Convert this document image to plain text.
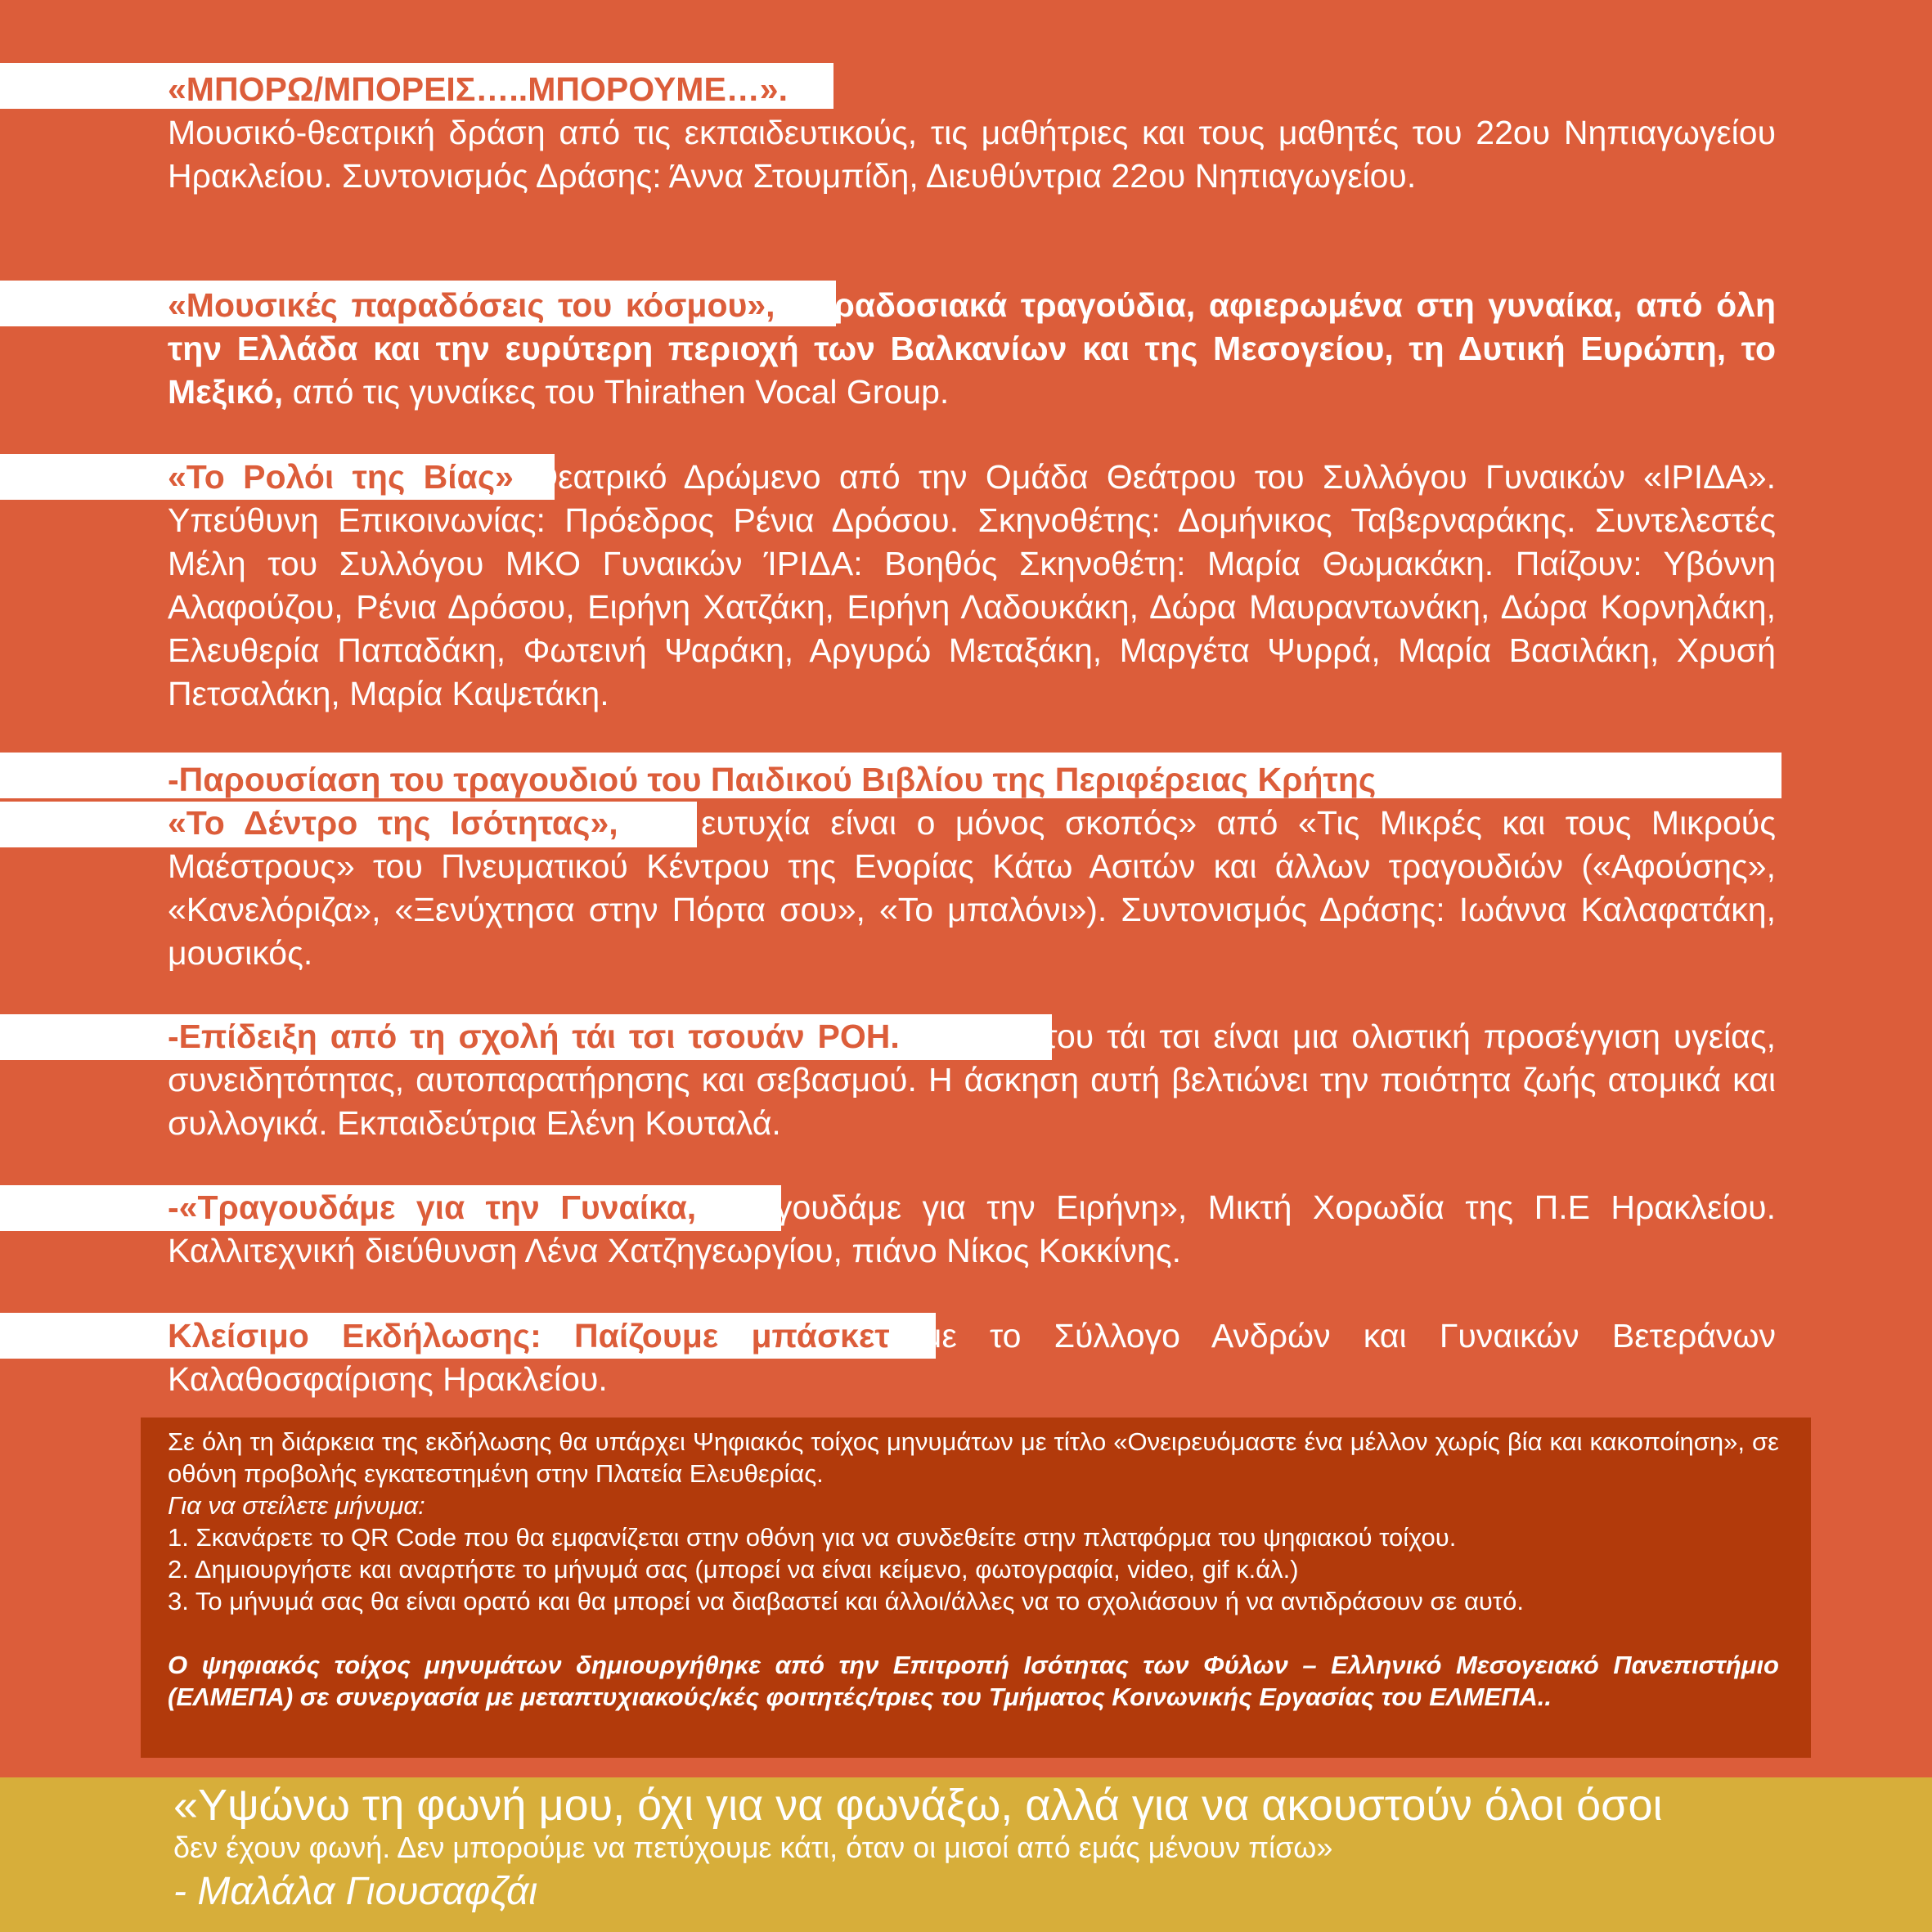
«ΜΠΟΡΩ/ΜΠΟΡΕΙΣ…..ΜΠΟΡΟΥΜΕ…».
Μουσικό-θεατρική δράση από τις εκπαιδευτικούς, τις μαθήτριες και τους μαθητές του 22ου Νηπιαγωγείου Ηρακλείου. Συντονισμός Δράσης: Άννα Στουμπίδη, Διευθύντρια 22ου Νηπιαγωγείου.
«Μουσικές παραδόσεις του κόσμου», παραδοσιακά τραγούδια, αφιερωμένα στη γυναίκα, από όλη την Ελλάδα και την ευρύτερη περιοχή των Βαλκανίων και της Μεσογείου, τη Δυτική Ευρώπη, το Μεξικό, από τις γυναίκες του Thirathen Vocal Group.
«Το Ρολόι της Βίας» Θεατρικό Δρώμενο από την Ομάδα Θεάτρου του Συλλόγου Γυναικών «ΙΡΙΔΑ». Υπεύθυνη Επικοινωνίας: Πρόεδρος Ρένια Δρόσου. Σκηνοθέτης: Δομήνικος Ταβερναράκης. Συντελεστές Μέλη του Συλλόγου ΜΚΟ Γυναικών ΊΡΙΔΑ: Βοηθός Σκηνοθέτη: Μαρία Θωμακάκη. Παίζουν: Υβόννη Αλαφούζου, Ρένια Δρόσου, Ειρήνη Χατζάκη, Ειρήνη Λαδουκάκη, Δώρα Μαυραντωνάκη, Δώρα Κορνηλάκη, Ελευθερία Παπαδάκη, Φωτεινή Ψαράκη, Αργυρώ Μεταξάκη, Μαργέτα Ψυρρά, Μαρία Βασιλάκη, Χρυσή Πετσαλάκη, Μαρία Καψετάκη.
-Παρουσίαση του τραγουδιού του Παιδικού Βιβλίου της Περιφέρειας Κρήτης
«Το Δέντρο της Ισότητας», «Η ευτυχία είναι ο μόνος σκοπός» από «Τις Μικρές και τους Μικρούς Μαέστρους» του Πνευματικού Κέντρου της Ενορίας Κάτω Ασιτών και άλλων τραγουδιών («Αφούσης», «Κανελόριζα», «Ξενύχτησα στην Πόρτα σου», «Το μπαλόνι»). Συντονισμός Δράσης: Ιωάννα Καλαφατάκη, μουσικός.
-Επίδειξη από τη σχολή τάι τσι τσουάν ΡΟΗ. Η τέχνη του τάι τσι είναι μια ολιστική προσέγγιση υγείας, συνειδητότητας, αυτοπαρατήρησης και σεβασμού. Η άσκηση αυτή βελτιώνει την ποιότητα ζωής ατομικά και συλλογικά. Εκπαιδεύτρια Ελένη Κουταλά.
-«Τραγουδάμε για την Γυναίκα, Τραγουδάμε για την Ειρήνη», Μικτή Χορωδία της Π.Ε Ηρακλείου. Καλλιτεχνική διεύθυνση Λένα Χατζηγεωργίου, πιάνο Νίκος Κοκκίνης.
Κλείσιμο Εκδήλωσης: Παίζουμε μπάσκετ με το Σύλλογο Ανδρών και Γυναικών Βετεράνων Καλαθοσφαίρισης Ηρακλείου.

Σε όλη τη διάρκεια της εκδήλωσης θα υπάρχει Ψηφιακός τοίχος μηνυμάτων με τίτλο «Ονειρευόμαστε ένα μέλλον χωρίς βία και κακοποίηση», σε οθόνη προβολής εγκατεστημένη στην Πλατεία Ελευθερίας.

Για να στείλετε μήνυμα:

1. Σκανάρετε το QR Code που θα εμφανίζεται στην οθόνη για να συνδεθείτε στην πλατφόρμα του ψηφιακού τοίχου.

2. Δημιουργήστε και αναρτήστε το μήνυμά σας (μπορεί να είναι κείμενο, φωτογραφία, video, gif κ.άλ.)

3. Το μήνυμά σας θα είναι ορατό και θα μπορεί να διαβαστεί και άλλοι/άλλες να το σχολιάσουν ή να αντιδράσουν σε αυτό.

Ο ψηφιακός τοίχος μηνυμάτων δημιουργήθηκε από την Επιτροπή Ισότητας των Φύλων – Ελληνικό Μεσογειακό Πανεπιστήμιο (ΕΛΜΕΠΑ) σε συνεργασία με μεταπτυχιακούς/κές φοιτητές/τριες του Τμήματος Κοινωνικής Εργασίας του ΕΛΜΕΠΑ..

«Υψώνω τη φωνή μου, όχι για να φωνάξω, αλλά για να ακουστούν όλοι όσοι
δεν έχουν φωνή. Δεν μπορούμε να πετύχουμε κάτι, όταν οι μισοί από εμάς μένουν πίσω»
- Μαλάλα Γιουσαφζάι
